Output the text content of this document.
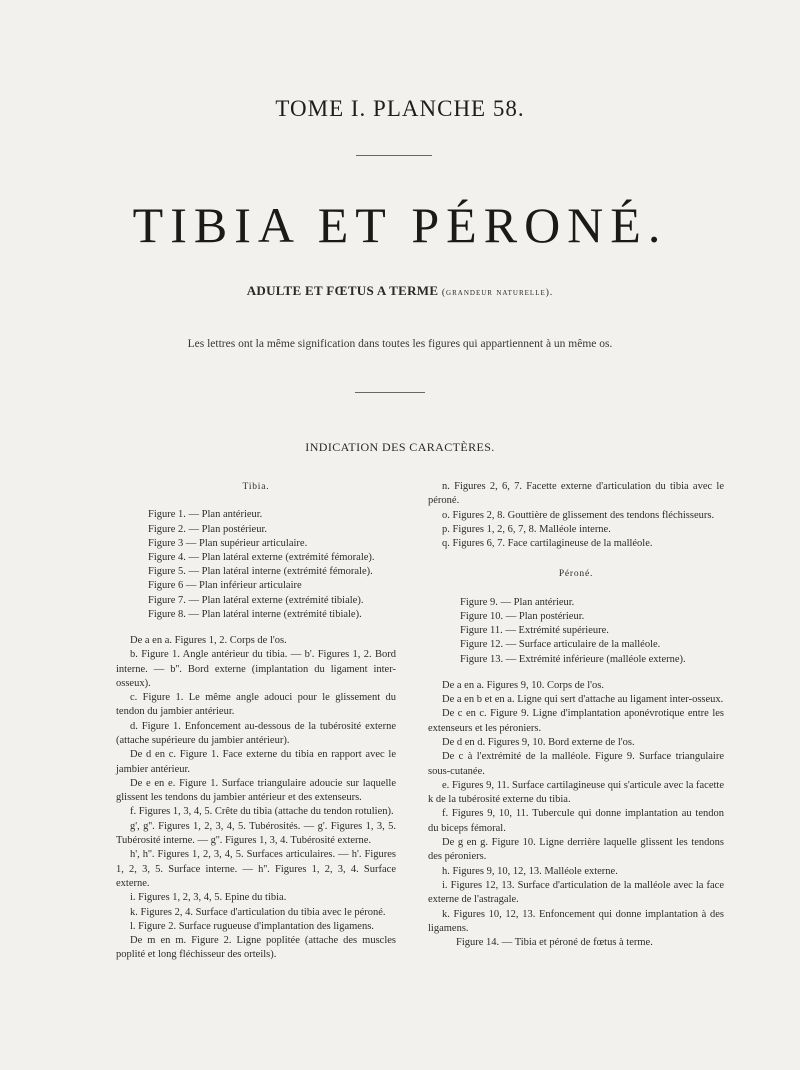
TOME I. PLANCHE 58.
TIBIA ET PÉRONÉ.
ADULTE ET FŒTUS A TERME (grandeur naturelle).
Les lettres ont la même signification dans toutes les figures qui appartiennent à un même os.
INDICATION DES CARACTÈRES.
Tibia.
Figure 1. — Plan antérieur.
Figure 2. — Plan postérieur.
Figure 3 — Plan supérieur articulaire.
Figure 4. — Plan latéral externe (extrémité fémorale).
Figure 5. — Plan latéral interne (extrémité fémorale).
Figure 6 — Plan inférieur articulaire
Figure 7. — Plan latéral externe (extrémité tibiale).
Figure 8. — Plan latéral interne (extrémité tibiale).

De a en a. Figures 1, 2. Corps de l'os.

b. Figure 1. Angle antérieur du tibia. — b'. Figures 1, 2. Bord interne. — b''. Bord externe (implantation du ligament inter-osseux).

c. Figure 1. Le même angle adouci pour le glissement du tendon du jambier antérieur.

d. Figure 1. Enfoncement au-dessous de la tubérosité externe (attache supérieure du jambier antérieur).

De d en c. Figure 1. Face externe du tibia en rapport avec le jambier antérieur.

De e en e. Figure 1. Surface triangulaire adoucie sur laquelle glissent les tendons du jambier antérieur et des extenseurs.

f. Figures 1, 3, 4, 5. Crête du tibia (attache du tendon rotulien).

g', g''. Figures 1, 2, 3, 4, 5. Tubérosités. — g'. Figures 1, 3, 5. Tubérosité interne. — g''. Figures 1, 3, 4. Tubérosité externe.

h', h''. Figures 1, 2, 3, 4, 5. Surfaces articulaires. — h'. Figures 1, 2, 3, 5. Surface interne. — h''. Figures 1, 2, 3, 4. Surface externe.

i. Figures 1, 2, 3, 4, 5. Epine du tibia.

k. Figures 2, 4. Surface d'articulation du tibia avec le péroné.

l. Figure 2. Surface rugueuse d'implantation des ligamens.

De m en m. Figure 2. Ligne poplitée (attache des muscles poplité et long fléchisseur des orteils).

n. Figures 2, 6, 7. Facette externe d'articulation du tibia avec le péroné.

o. Figures 2, 8. Gouttière de glissement des tendons fléchisseurs.

p. Figures 1, 2, 6, 7, 8. Malléole interne.

q. Figures 6, 7. Face cartilagineuse de la malléole.

Péroné.
Figure 9. — Plan antérieur.
Figure 10. — Plan postérieur.
Figure 11. — Extrémité supérieure.
Figure 12. — Surface articulaire de la malléole.
Figure 13. — Extrémité inférieure (malléole externe).

De a en a. Figures 9, 10. Corps de l'os.

De a en b et en a. Ligne qui sert d'attache au ligament inter-osseux.

De c en c. Figure 9. Ligne d'implantation aponévrotique entre les extenseurs et les péroniers.

De d en d. Figures 9, 10. Bord externe de l'os.

De c à l'extrémité de la malléole. Figure 9. Surface triangulaire sous-cutanée.

e. Figures 9, 11. Surface cartilagineuse qui s'articule avec la facette k de la tubérosité externe du tibia.

f. Figures 9, 10, 11. Tubercule qui donne implantation au tendon du biceps fémoral.

De g en g. Figure 10. Ligne derrière laquelle glissent les tendons des péroniers.

h. Figures 9, 10, 12, 13. Malléole externe.

i. Figures 12, 13. Surface d'articulation de la malléole avec la face externe de l'astragale.

k. Figures 10, 12, 13. Enfoncement qui donne implantation à des ligamens.

Figure 14. — Tibia et péroné de fœtus à terme.
